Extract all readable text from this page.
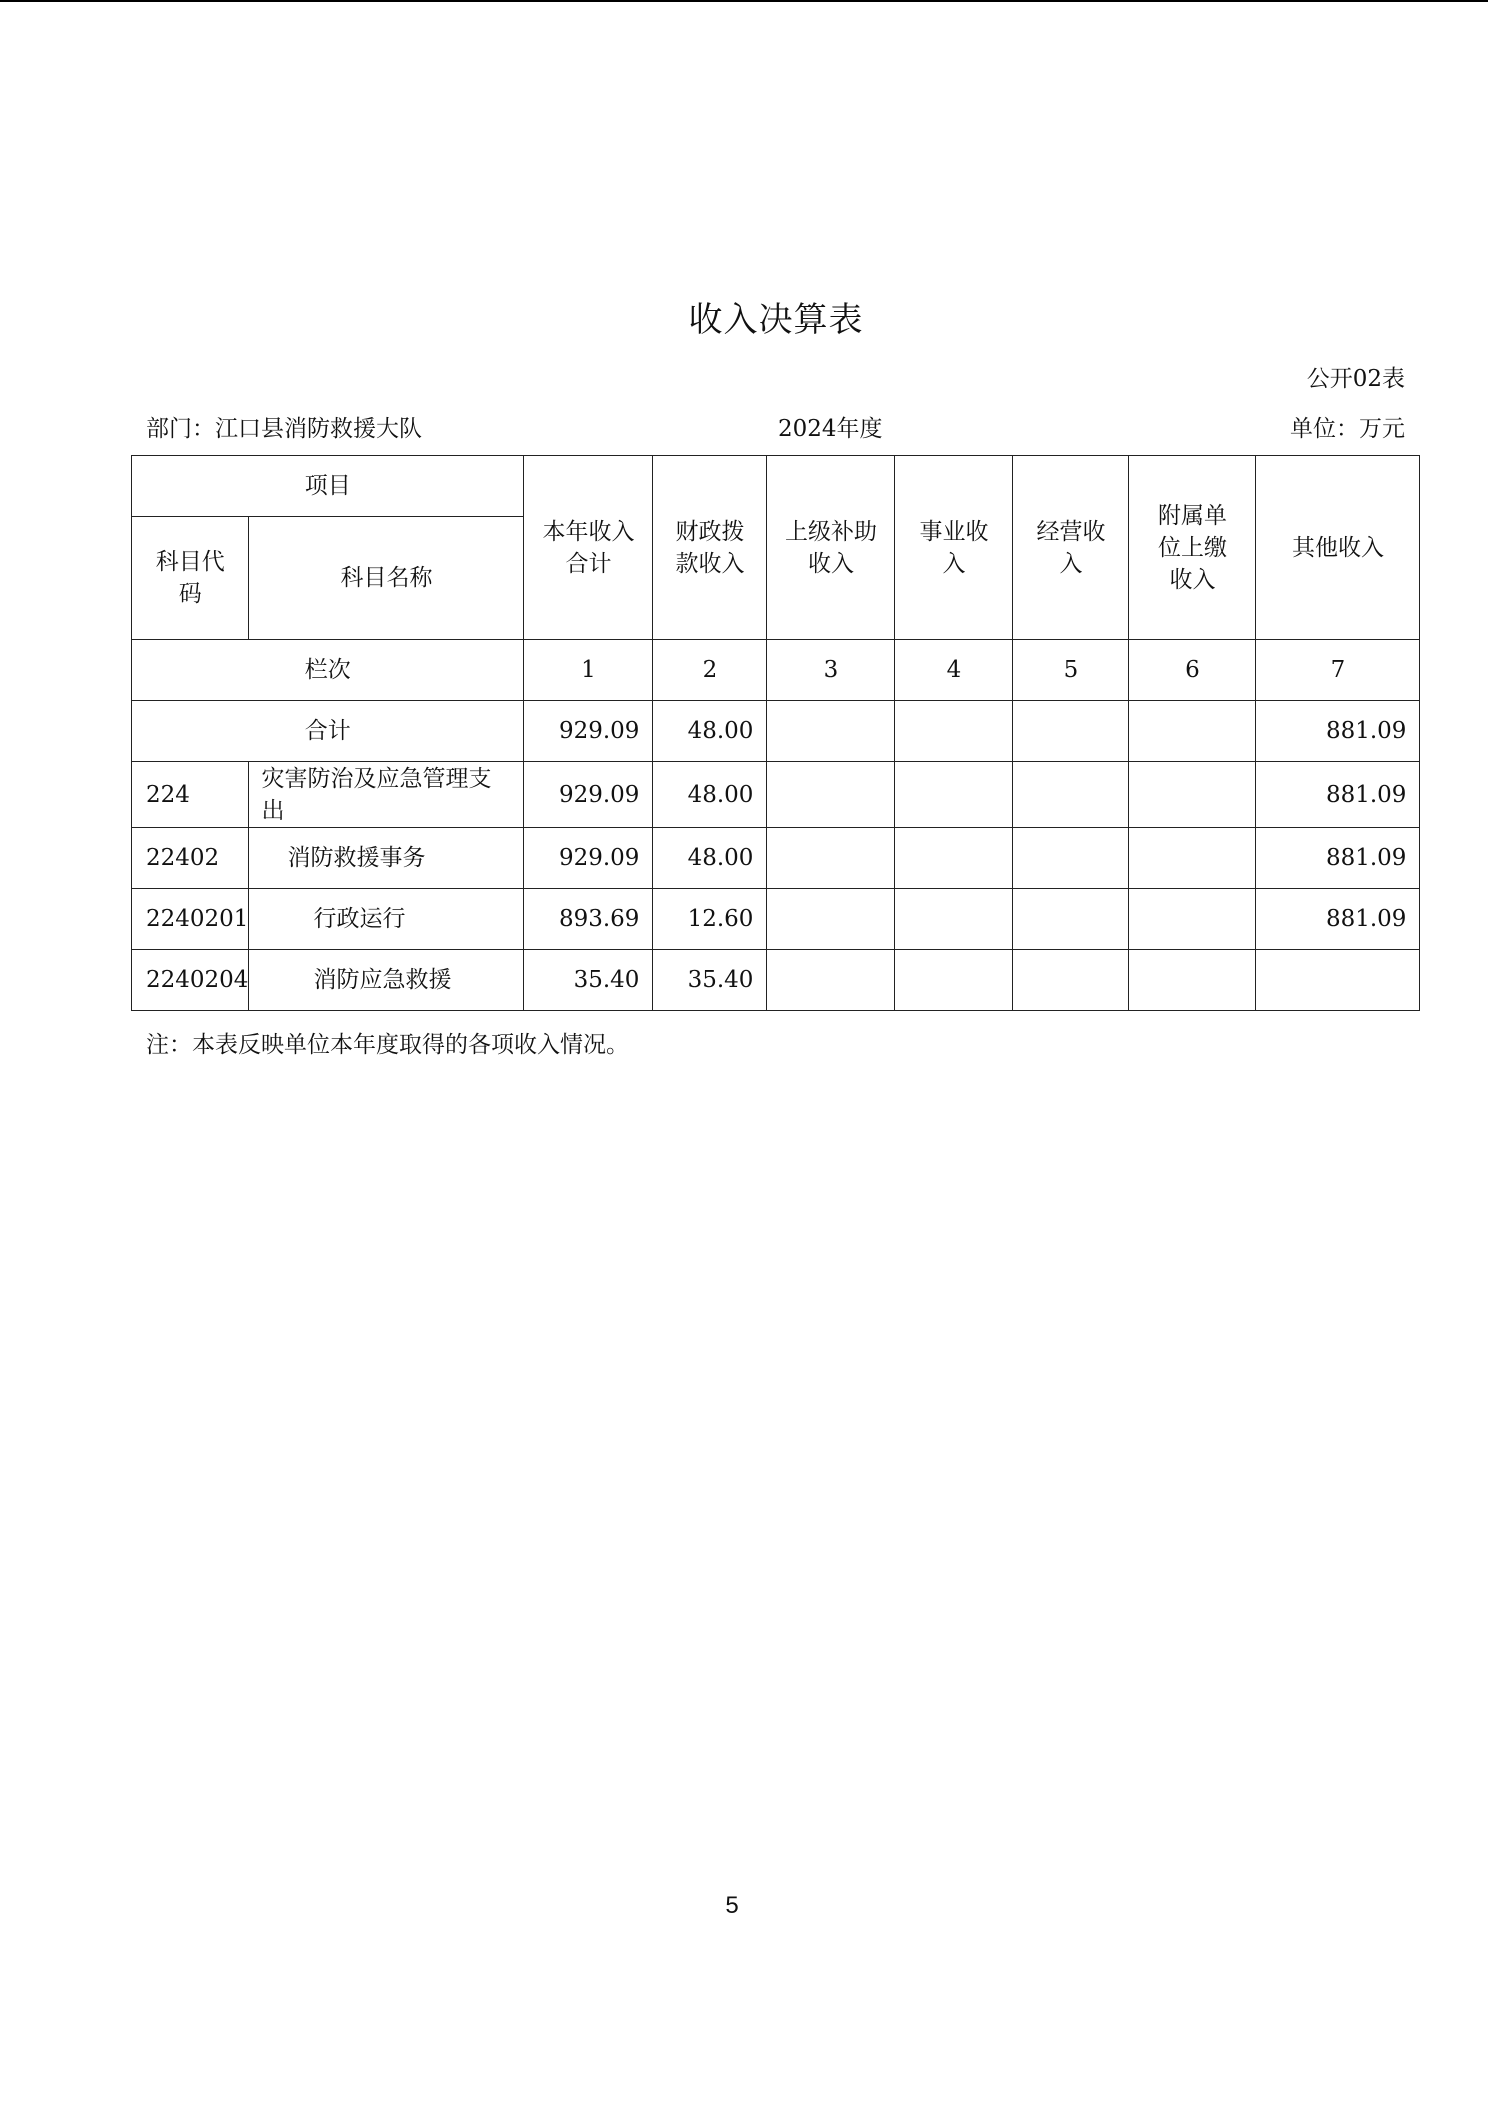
收入决算表
公开02表
部门：江口县消防救援大队	2024年度	单位：万元
项目		本年收入合计	财政拨款收入	上级补助收入	事业收入	经营收入	附属单位上缴收入	其他收入
科目代码	科目名称							
栏次		1	2	3	4	5	6	7
合计		929.09	48.00					881.09
224	灾害防治及应急管理支出	929.09	48.00					881.09
22402	消防救援事务	929.09	48.00					881.09
2240201	行政运行	893.69	12.60					881.09
2240204	消防应急救援	35.40	35.40					
注：本表反映单位本年度取得的各项收入情况。
5
